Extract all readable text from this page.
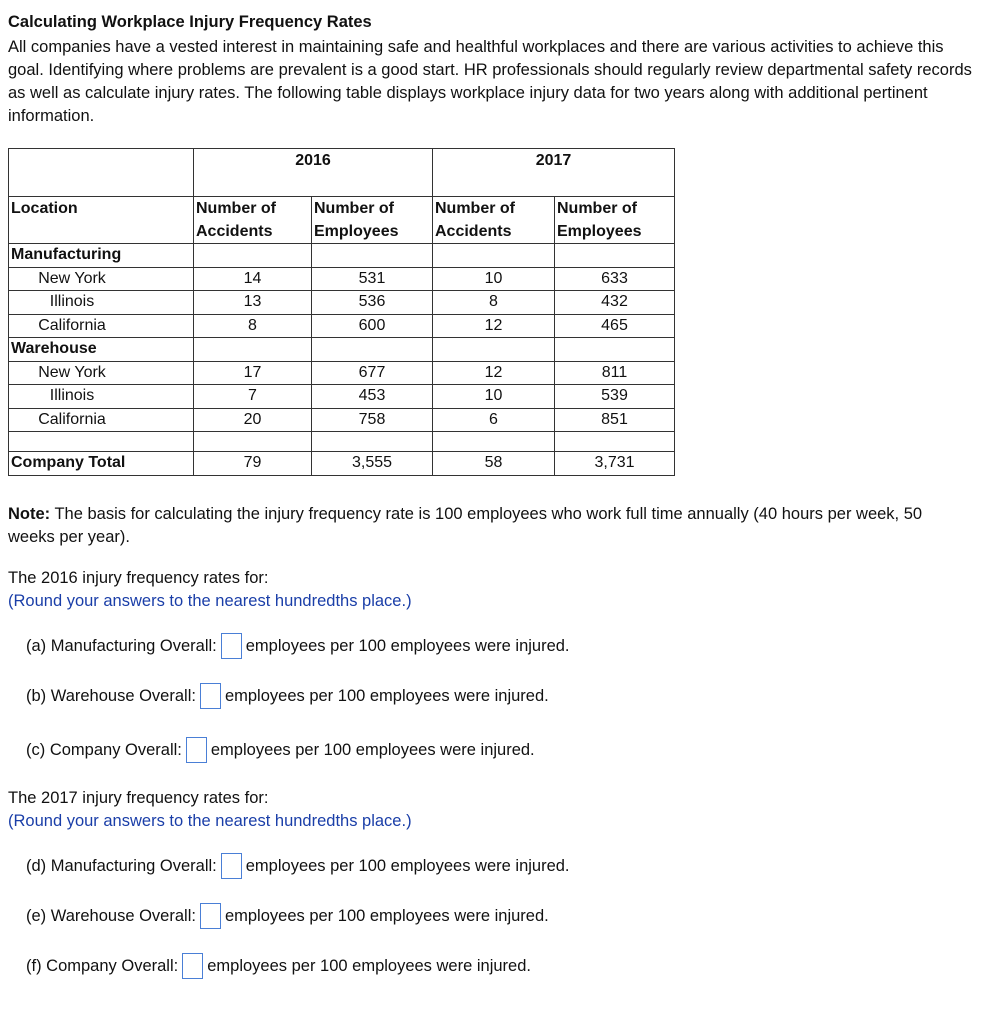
Calculating Workplace Injury Frequency Rates
All companies have a vested interest in maintaining safe and healthful workplaces and there are various activities to achieve this goal. Identifying where problems are prevalent is a good start. HR professionals should regularly review departmental safety records as well as calculate injury rates. The following table displays workplace injury data for two years along with additional pertinent information.
	2016		2017	
Location	Number of Accidents	Number of Employees	Number of Accidents	Number of Employees
Manufacturing				
New York	14	531	10	633
Illinois	13	536	8	432
California	8	600	12	465
Warehouse				
New York	17	677	12	811
Illinois	7	453	10	539
California	20	758	6	851

Company Total	79	3,555	58	3,731
Note: The basis for calculating the injury frequency rate is 100 employees who work full time annually (40 hours per week, 50 weeks per year).
The 2016 injury frequency rates for:
(Round your answers to the nearest hundredths place.)
The 2017 injury frequency rates for:
(Round your answers to the nearest hundredths place.)
(a) Manufacturing Overall: employees per 100 employees were injured.
(b) Warehouse Overall: employees per 100 employees were injured.
(c) Company Overall: employees per 100 employees were injured.
(d) Manufacturing Overall: employees per 100 employees were injured.
(e) Warehouse Overall: employees per 100 employees were injured.
(f) Company Overall: employees per 100 employees were injured.
